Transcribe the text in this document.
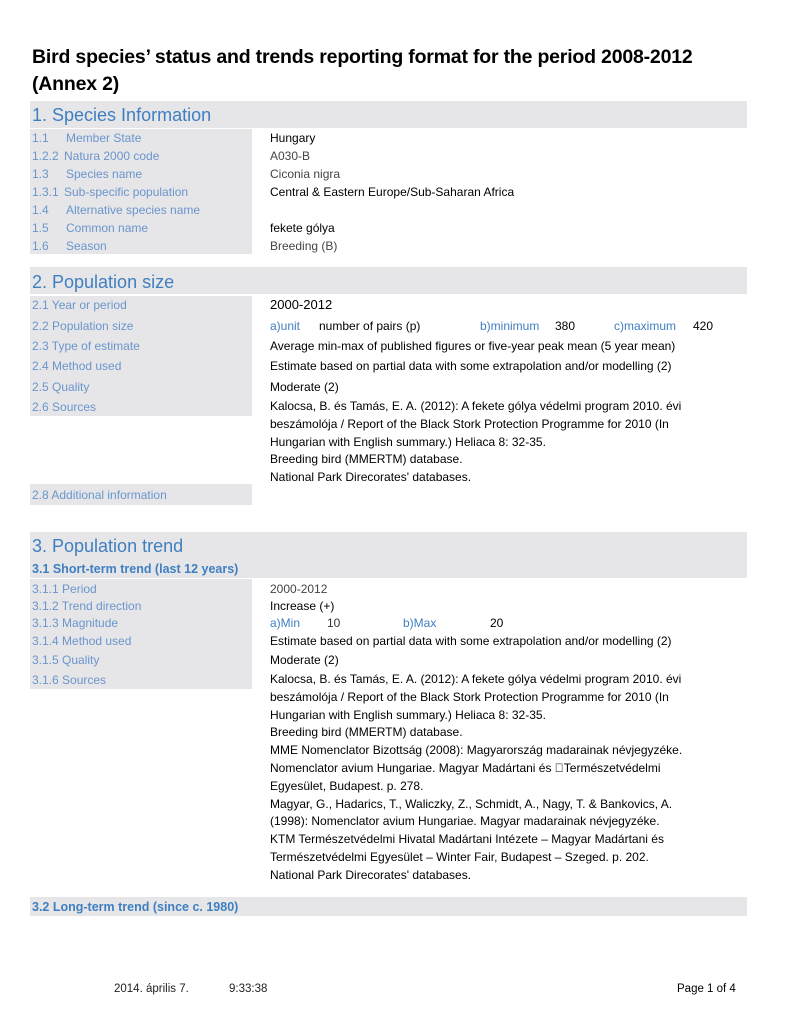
Bird species’ status and trends reporting format for the period 2008-2012
(Annex 2)
1. Species Information
1.1 Member State	Hungary
1.2.2 Natura 2000 code	A030-B
1.3 Species name	Ciconia nigra
1.3.1 Sub-specific population	Central & Eastern Europe/Sub-Saharan Africa
1.4 Alternative species name
1.5 Common name	fekete gólya
1.6 Season	Breeding (B)
2. Population size
2.1 Year or period	2000-2012
2.2 Population size	a)unit number of pairs (p)	b)minimum 380	c)maximum 420
2.3 Type of estimate	Average min-max of published figures or five-year peak mean (5 year mean)
2.4 Method used	Estimate based on partial data with some extrapolation and/or modelling (2)
2.5 Quality	Moderate (2)
2.6 Sources	Kalocsa, B. és Tamás, E. A. (2012): A fekete gólya védelmi program 2010. évi
beszámolója / Report of the Black Stork Protection Programme for 2010 (In
Hungarian with English summary.) Heliaca 8: 32-35.
Breeding bird (MMERTM) database.
National Park Direcorates' databases.
2.8 Additional information
3. Population trend
3.1 Short-term trend (last 12 years)
3.1.1 Period	2000-2012
3.1.2 Trend direction	Increase (+)
3.1.3 Magnitude	a)Min 10	b)Max	20
3.1.4 Method used	Estimate based on partial data with some extrapolation and/or modelling (2)
3.1.5 Quality	Moderate (2)
3.1.6 Sources	Kalocsa, B. és Tamás, E. A. (2012): A fekete gólya védelmi program 2010. évi
beszámolója / Report of the Black Stork Protection Programme for 2010 (In
Hungarian with English summary.) Heliaca 8: 32-35.
Breeding bird (MMERTM) database.
MME Nomenclator Bizottság (2008): Magyarország madarainak névjegyzéke.
Nomenclator avium Hungariae. Magyar Madártani és  Természetvédelmi
Egyesület, Budapest. p. 278.
Magyar, G., Hadarics, T., Waliczky, Z., Schmidt, A., Nagy, T. & Bankovics, A.
(1998): Nomenclator avium Hungariae. Magyar madarainak névjegyzéke.
KTM Természetvédelmi Hivatal Madártani Intézete – Magyar Madártani és
Természetvédelmi Egyesület – Winter Fair, Budapest – Szeged. p. 202.
National Park Direcorates' databases.
3.2 Long-term trend (since c. 1980)
2014. április 7.	9:33:38	Page 1 of 4
